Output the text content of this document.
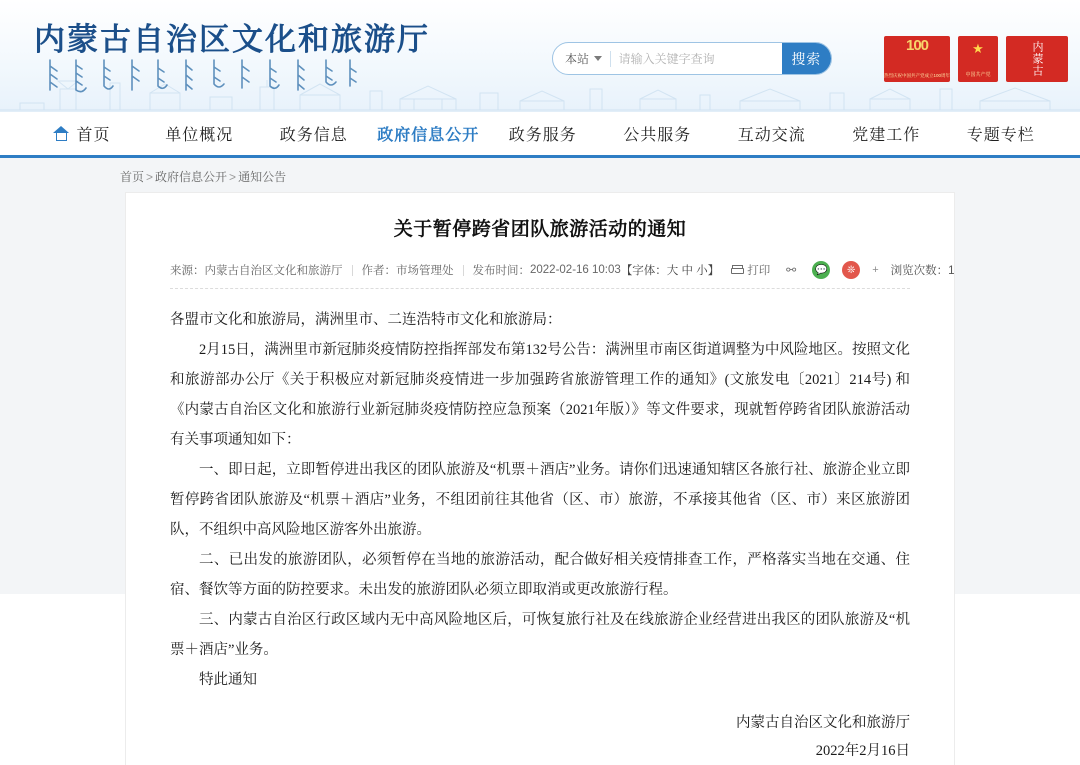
内蒙古自治区文化和旅游厅
本站
请输入关键字查询	搜索
100
热烈庆祝中国共产党成立100周年
★
中国共产党	内蒙古
首页	单位概况	政务信息	政府信息公开	政务服务	公共服务	互动交流	党建工作	专题专栏
首页 > 政府信息公开 > 通知公告
关于暂停跨省团队旅游活动的通知
来源： 内蒙古自治区文化和旅游厅 作者： 市场管理处 发布时间： 2022-02-16 10:03 【字体：大 中 小】 打印	⚯	💬	❊	+ 浏览次数：1

各盟市文化和旅游局，满洲里市、二连浩特市文化和旅游局：

2月15日，满洲里市新冠肺炎疫情防控指挥部发布第132号公告：满洲里市南区街道调整为中风险地区。按照文化和旅游部办公厅《关于积极应对新冠肺炎疫情进一步加强跨省旅游管理工作的通知》(文旅发电〔2021〕214号) 和《内蒙古自治区文化和旅游行业新冠肺炎疫情防控应急预案（2021年版）》等文件要求，现就暂停跨省团队旅游活动有关事项通知如下：

一、即日起，立即暂停进出我区的团队旅游及“机票＋酒店”业务。请你们迅速通知辖区各旅行社、旅游企业立即暂停跨省团队旅游及“机票＋酒店”业务，不组团前往其他省（区、市）旅游，不承接其他省（区、市）来区旅游团队，不组织中高风险地区游客外出旅游。

二、已出发的旅游团队，必须暂停在当地的旅游活动，配合做好相关疫情排查工作，严格落实当地在交通、住宿、餐饮等方面的防控要求。未出发的旅游团队必须立即取消或更改旅游行程。

三、内蒙古自治区行政区域内无中高风险地区后，可恢复旅行社及在线旅游企业经营进出我区的团队旅游及“机票＋酒店”业务。

特此通知

内蒙古自治区文化和旅游厅
2022年2月16日
